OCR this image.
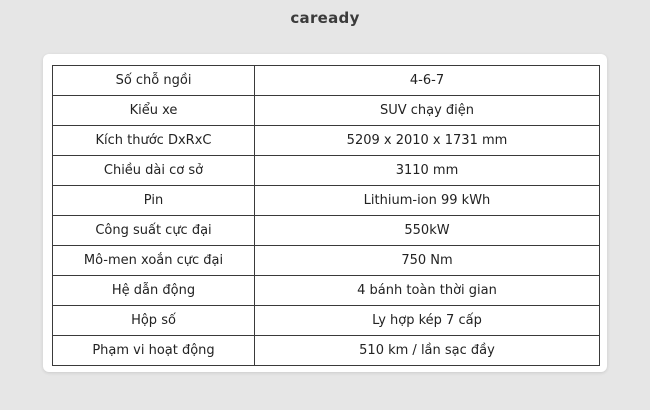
caready
Số chỗ ngồi	4-6-7
Kiểu xe	SUV chạy điện
Kích thước DxRxC	5209 x 2010 x 1731 mm
Chiều dài cơ sở	3110 mm
Pin	Lithium-ion 99 kWh
Công suất cực đại	550kW
Mô-men xoắn cực đại	750 Nm
Hệ dẫn động	4 bánh toàn thời gian
Hộp số	Ly hợp kép 7 cấp
Phạm vi hoạt động	510 km / lần sạc đầy
